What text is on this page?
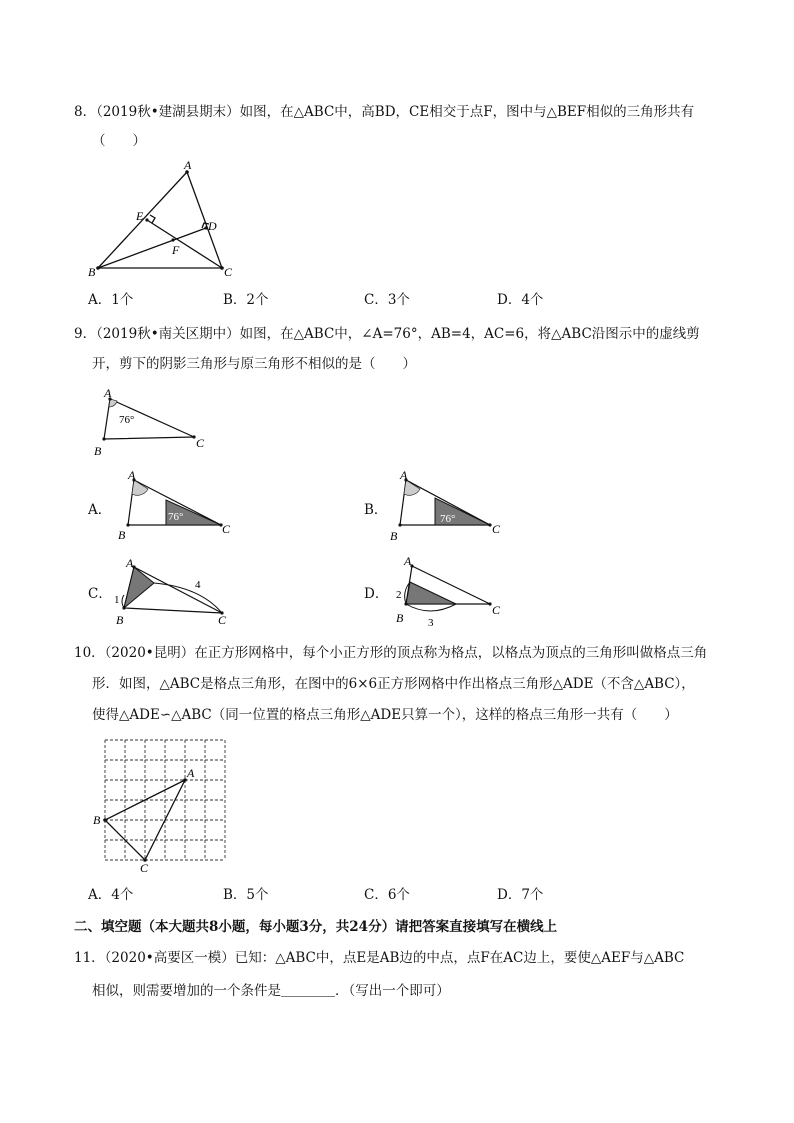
8．（2019秋•建湖县期末）如图，在△ABC中，高BD，CE相交于点F，图中与△BEF相似的三角形共有
（　　）
A
E
D
F
B	C
A．1个	B．2个	C．3个	D．4个
9．（2019秋•南关区期中）如图，在△ABC中，∠A=76°，AB=4，AC=6，将△ABC沿图示中的虚线剪
开，剪下的阴影三角形与原三角形不相似的是（　　）
A
76°
B
C
A．
A
76°
B	C
B．
A
76°
B	C
C．
A
1
4
B	C
D．
A
2
3
B
C
10．（2020•昆明）在正方形网格中，每个小正方形的顶点称为格点，以格点为顶点的三角形叫做格点三角
形．如图，△ABC是格点三角形，在图中的6×6正方形网格中作出格点三角形△ADE（不含△ABC），
使得△ADE∽△ABC（同一位置的格点三角形△ADE只算一个），这样的格点三角形一共有（　　）
A
B
C
A．4个	B．5个	C．6个	D．7个
二、填空题（本大题共8小题，每小题3分，共24分）请把答案直接填写在横线上
11．（2020•高要区一模）已知：△ABC中，点E是AB边的中点，点F在AC边上，要使△AEF与△ABC
相似，则需要增加的一个条件是＿＿＿＿．（写出一个即可）
